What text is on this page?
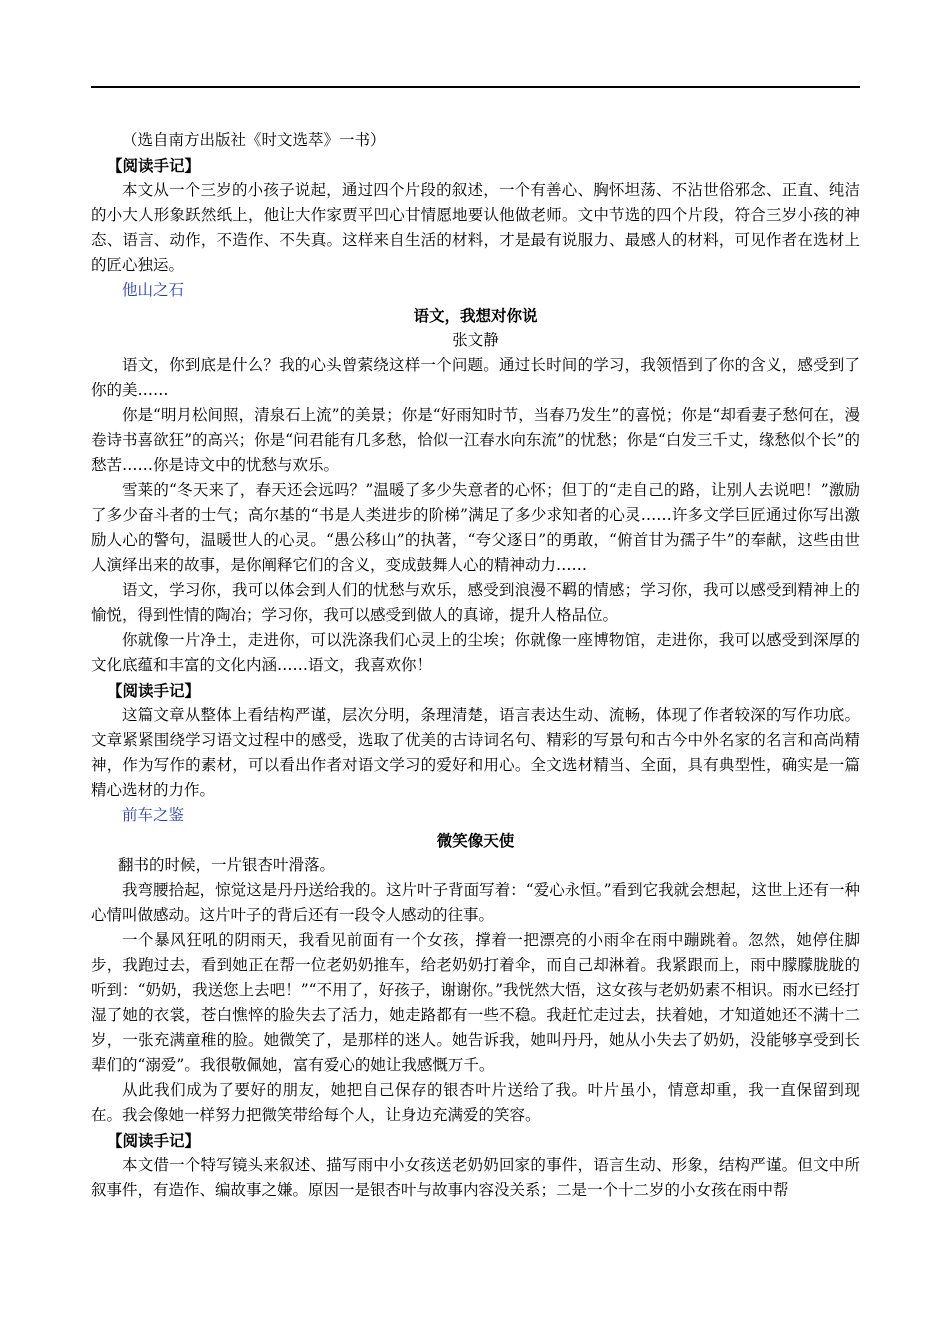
（选自南方出版社《时文选萃》一书）

【阅读手记】

本文从一个三岁的小孩子说起，通过四个片段的叙述，一个有善心、胸怀坦荡、不沾世俗邪念、正直、纯洁的小大人形象跃然纸上，他让大作家贾平凹心甘情愿地要认他做老师。文中节选的四个片段，符合三岁小孩的神态、语言、动作，不造作、不失真。这样来自生活的材料，才是最有说服力、最感人的材料，可见作者在选材上的匠心独运。

他山之石

语文，我想对你说

张文静

语文，你到底是什么？我的心头曾萦绕这样一个问题。通过长时间的学习，我领悟到了你的含义，感受到了你的美……

你是“明月松间照，清泉石上流”的美景；你是“好雨知时节，当春乃发生”的喜悦；你是“却看妻子愁何在，漫卷诗书喜欲狂”的高兴；你是“问君能有几多愁，恰似一江春水向东流”的忧愁；你是“白发三千丈，缘愁似个长”的愁苦……你是诗文中的忧愁与欢乐。

雪莱的“冬天来了，春天还会远吗？”温暖了多少失意者的心怀；但丁的“走自己的路，让别人去说吧！”激励了多少奋斗者的士气；高尔基的“书是人类进步的阶梯”满足了多少求知者的心灵……许多文学巨匠通过你写出激励人心的警句，温暖世人的心灵。“愚公移山”的执著，“夸父逐日”的勇敢，“俯首甘为孺子牛”的奉献，这些由世人演绎出来的故事，是你阐释它们的含义，变成鼓舞人心的精神动力……

语文，学习你，我可以体会到人们的忧愁与欢乐，感受到浪漫不羁的情感；学习你，我可以感受到精神上的愉悦，得到性情的陶冶；学习你，我可以感受到做人的真谛，提升人格品位。

你就像一片净土，走进你，可以洗涤我们心灵上的尘埃；你就像一座博物馆，走进你，我可以感受到深厚的文化底蕴和丰富的文化内涵……语文，我喜欢你！

【阅读手记】

这篇文章从整体上看结构严谨，层次分明，条理清楚，语言表达生动、流畅，体现了作者较深的写作功底。文章紧紧围绕学习语文过程中的感受，选取了优美的古诗词名句、精彩的写景句和古今中外名家的名言和高尚精神，作为写作的素材，可以看出作者对语文学习的爱好和用心。全文选材精当、全面，具有典型性，确实是一篇精心选材的力作。

前车之鉴

微笑像天使

翻书的时候，一片银杏叶滑落。

我弯腰拾起，惊觉这是丹丹送给我的。这片叶子背面写着：“爱心永恒。”看到它我就会想起，这世上还有一种心情叫做感动。这片叶子的背后还有一段令人感动的往事。

一个暴风狂吼的阴雨天，我看见前面有一个女孩，撑着一把漂亮的小雨伞在雨中蹦跳着。忽然，她停住脚步，我跑过去，看到她正在帮一位老奶奶推车，给老奶奶打着伞，而自己却淋着。我紧跟而上，雨中朦朦胧胧的听到：“奶奶，我送您上去吧！”“不用了，好孩子，谢谢你。”我恍然大悟，这女孩与老奶奶素不相识。雨水已经打湿了她的衣裳，苍白憔悴的脸失去了活力，她走路都有一些不稳。我赶忙走过去，扶着她，才知道她还不满十二岁，一张充满童稚的脸。她微笑了，是那样的迷人。她告诉我，她叫丹丹，她从小失去了奶奶，没能够享受到长辈们的“溺爱”。我很敬佩她，富有爱心的她让我感慨万千。

从此我们成为了要好的朋友，她把自己保存的银杏叶片送给了我。叶片虽小，情意却重，我一直保留到现在。我会像她一样努力把微笑带给每个人，让身边充满爱的笑容。

【阅读手记】

本文借一个特写镜头来叙述、描写雨中小女孩送老奶奶回家的事件，语言生动、形象，结构严谨。但文中所叙事件，有造作、编故事之嫌。原因一是银杏叶与故事内容没关系；二是一个十二岁的小女孩在雨中帮
